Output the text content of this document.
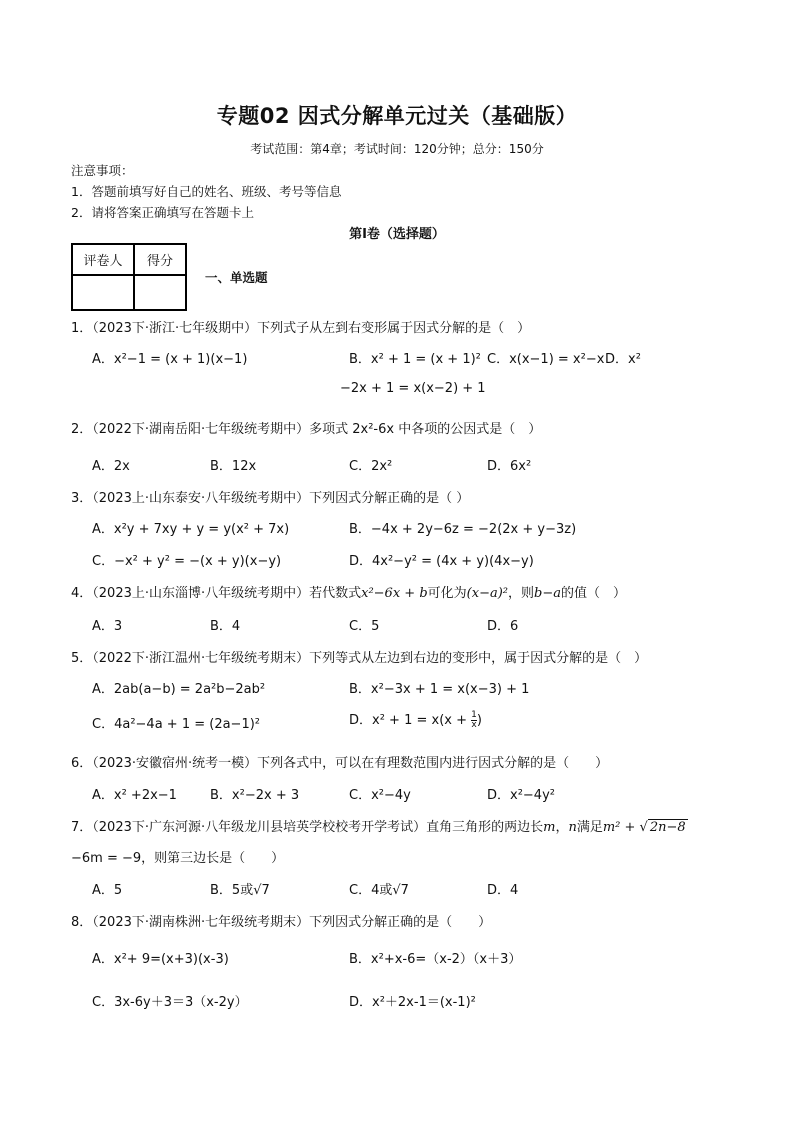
专题02 因式分解单元过关（基础版）
考试范围：第4章；考试时间：120分钟；总分：150分
注意事项：
1．答题前填写好自己的姓名、班级、考号等信息
2．请将答案正确填写在答题卡上
第I卷（选择题）
评卷人	得分

一、单选题
1．（2023下·浙江·七年级期中）下列式子从左到右变形属于因式分解的是（　）
A．x²−1 = (x + 1)(x−1)	B．x² + 1 = (x + 1)² C．x(x−1) = x²−x D．x²
−2x + 1 = x(x−2) + 1
2．（2022下·湖南岳阳·七年级统考期中）多项式 2x²-6x 中各项的公因式是（　）
A．2x	B．12x	C．2x²	D．6x²
3．（2023上·山东泰安·八年级统考期中）下列因式分解正确的是（ ）
A．x²y + 7xy + y = y(x² + 7x)	B．−4x + 2y−6z = −2(2x + y−3z)
C．−x² + y² = −(x + y)(x−y)	D．4x²−y² = (4x + y)(4x−y)
4．（2023上·山东淄博·八年级统考期中）若代数式x²−6x + b可化为(x−a)²，则b−a的值（　）
A．3	B．4	C．5	D．6
5．（2022下·浙江温州·七年级统考期末）下列等式从左边到右边的变形中，属于因式分解的是（　）
A．2ab(a−b) = 2a²b−2ab²	B．x²−3x + 1 = x(x−3) + 1
C．4a²−4a + 1 = (2a−1)²	D．$x^2 + 1 = x(x + \frac{1}{x}$ )
6．（2023·安徽宿州·统考一模）下列各式中，可以在有理数范围内进行因式分解的是（　　）
A．x² +2x−1	B．x²−2x + 3	C．x²−4y	D．x²−4y²
7．（2023下·广东河源·八年级龙川县培英学校校考开学考试）直角三角形的两边长m，n满足m² + √ 2n−8
−6m = −9，则第三边长是（　　）
A．5	B．5或√7	C．4或√7	D．4
8．（2023下·湖南株洲·七年级统考期末）下列因式分解正确的是（　　）
A．x²+ 9=(x+3)(x-3)	B．x²+x-6=（x-2）（x＋3）
C．3x-6y＋3＝3（x-2y）	D．x²＋2x-1＝(x-1)²
